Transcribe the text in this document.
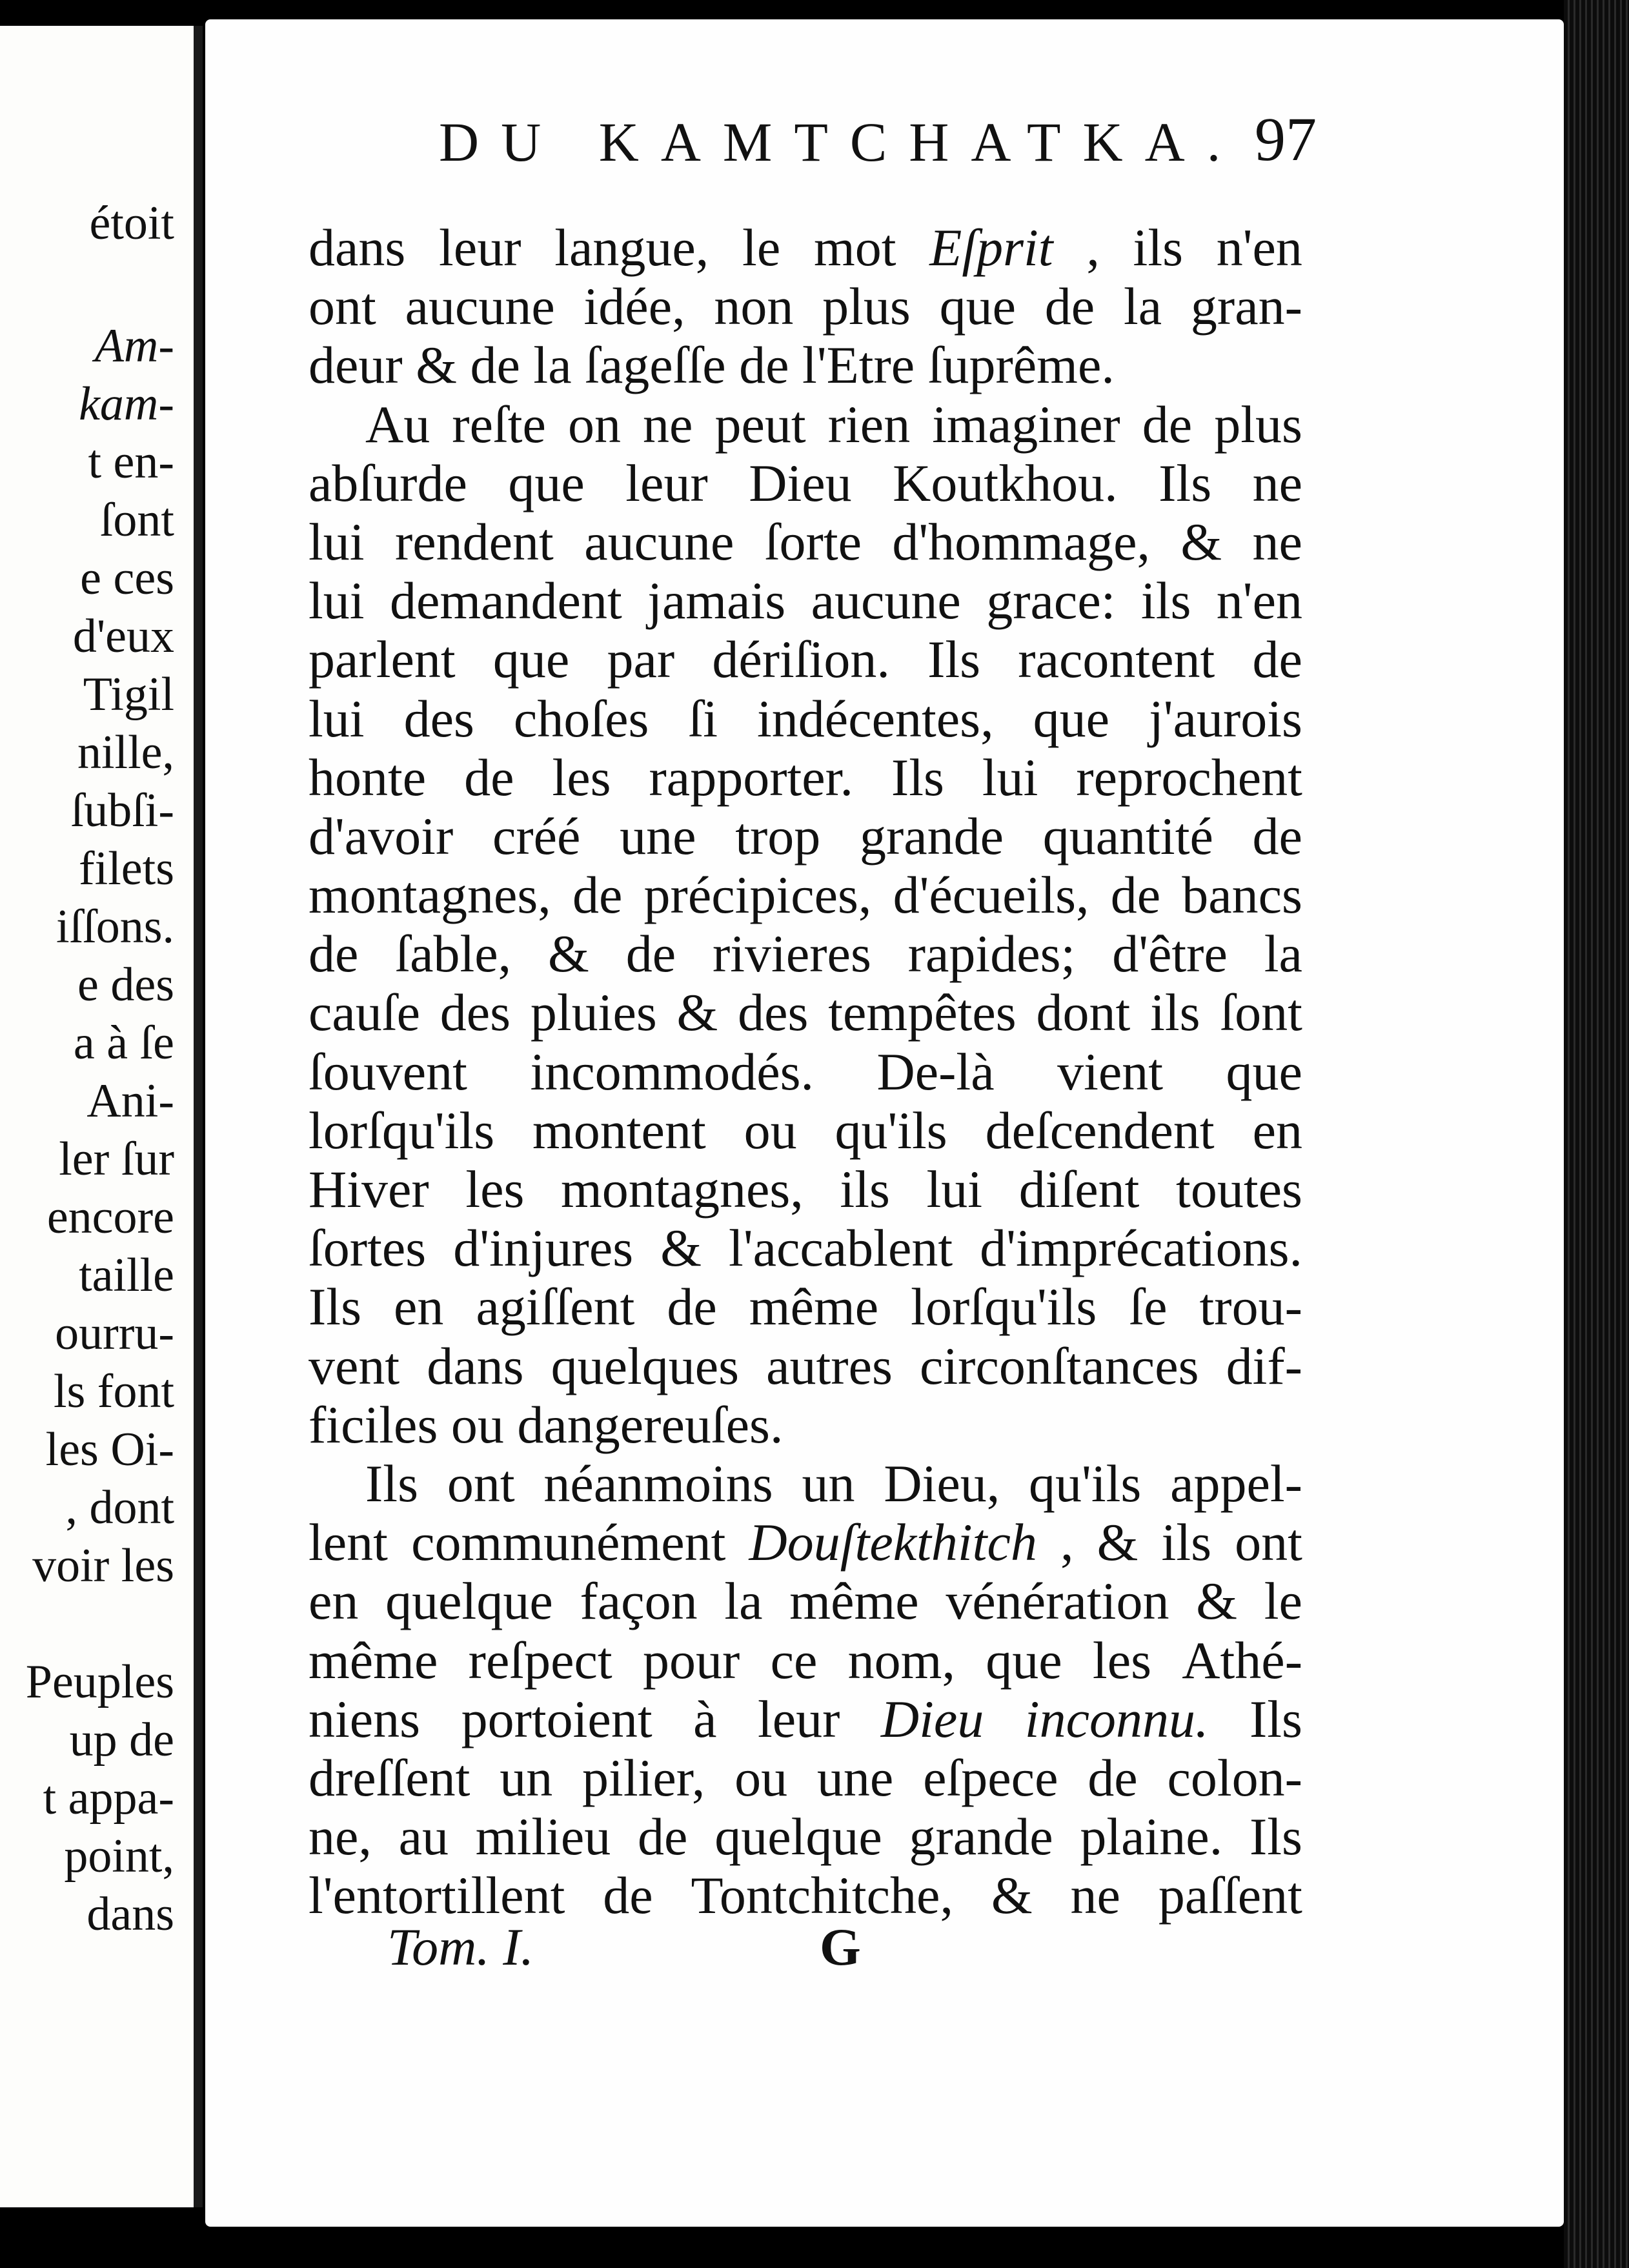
étoit
Am-
kam-
t en-
ſont
e ces
d'eux
Tigil
nille,
ſubſi-
filets
iſſons.
e des
a à ſe
Ani-
ler ſur
encore
taille
ourru-
ls font
les Oi-
, dont
voir les
Peuples
up de
t appa-
point,
dans
DU KAMTCHATKA. 97
dans leur langue, le mot Eſprit , ils n'en
ont aucune idée, non plus que de la gran-
deur & de la ſageſſe de l'Etre ſuprême.
Au reſte on ne peut rien imaginer de plus
abſurde que leur Dieu Koutkhou. Ils ne
lui rendent aucune ſorte d'hommage, & ne
lui demandent jamais aucune grace: ils n'en
parlent que par dériſion. Ils racontent de
lui des choſes ſi indécentes, que j'aurois
honte de les rapporter. Ils lui reprochent
d'avoir créé une trop grande quantité de
montagnes, de précipices, d'écueils, de bancs
de ſable, & de rivieres rapides; d'être la
cauſe des pluies & des tempêtes dont ils ſont
ſouvent incommodés. De-là vient que
lorſqu'ils montent ou qu'ils deſcendent en
Hiver les montagnes, ils lui diſent toutes
ſortes d'injures & l'accablent d'imprécations.
Ils en agiſſent de même lorſqu'ils ſe trou-
vent dans quelques autres circonſtances dif-
ficiles ou dangereuſes.
Ils ont néanmoins un Dieu, qu'ils appel-
lent communément Douſtekthitch , & ils ont
en quelque façon la même vénération & le
même reſpect pour ce nom, que les Athé-
niens portoient à leur Dieu inconnu. Ils
dreſſent un pilier, ou une eſpece de colon-
ne, au milieu de quelque grande plaine. Ils
l'entortillent de Tontchitche, & ne paſſent
Tom. I.	G
